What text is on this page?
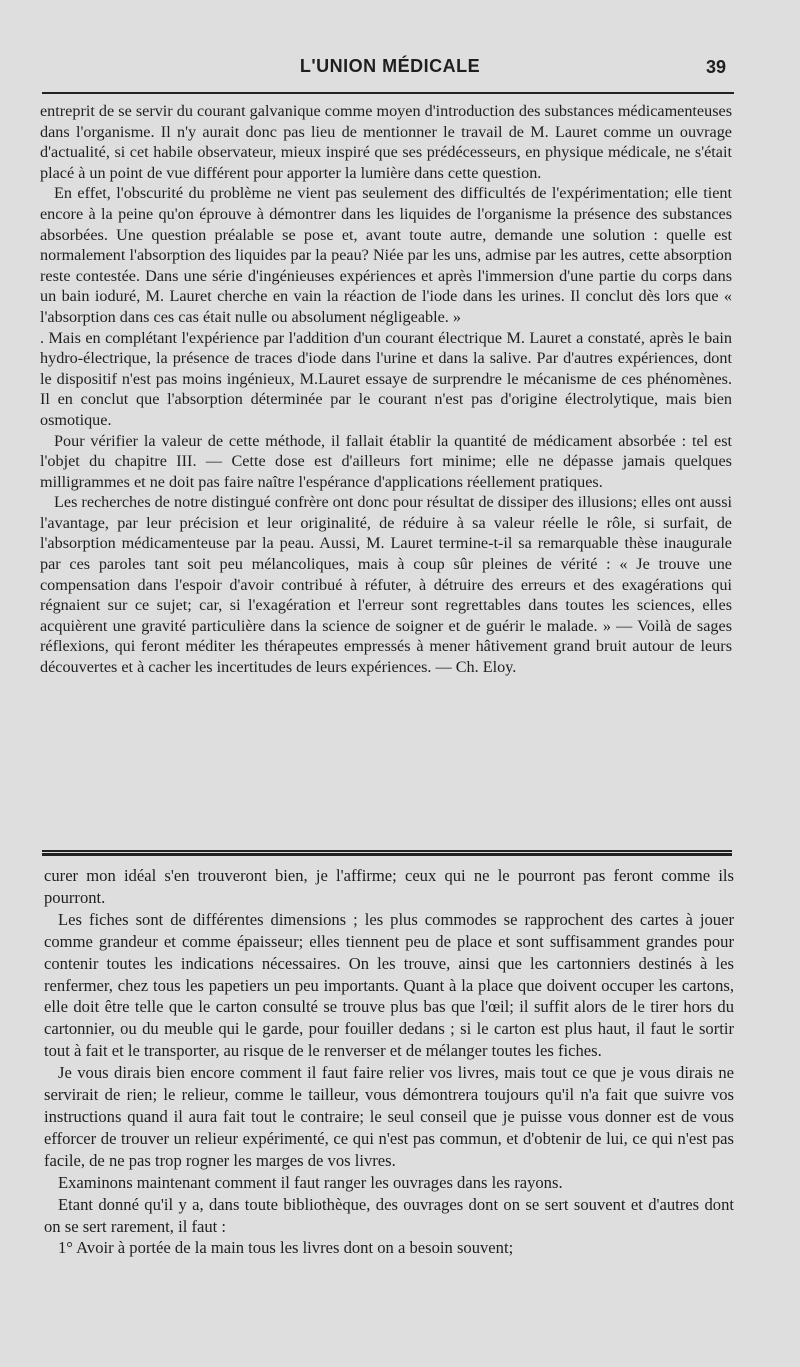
L'UNION MÉDICALE	39

entreprit de se servir du courant galvanique comme moyen d'introduction des substances médicamenteuses dans l'organisme. Il n'y aurait donc pas lieu de mentionner le travail de M. Lauret comme un ouvrage d'actualité, si cet habile observateur, mieux inspiré que ses prédécesseurs, en physique médicale, ne s'était placé à un point de vue différent pour apporter la lumière dans cette question.

En effet, l'obscurité du problème ne vient pas seulement des difficultés de l'expérimentation; elle tient encore à la peine qu'on éprouve à démontrer dans les liquides de l'organisme la présence des substances absorbées. Une question préalable se pose et, avant toute autre, demande une solution : quelle est normalement l'absorption des liquides par la peau? Niée par les uns, admise par les autres, cette absorption reste contestée. Dans une série d'ingénieuses expériences et après l'immersion d'une partie du corps dans un bain ioduré, M. Lauret cherche en vain la réaction de l'iode dans les urines. Il conclut dès lors que « l'absorption dans ces cas était nulle ou absolument négligeable. »

. Mais en complétant l'expérience par l'addition d'un courant électrique M. Lauret a constaté, après le bain hydro-électrique, la présence de traces d'iode dans l'urine et dans la salive. Par d'autres expériences, dont le dispositif n'est pas moins ingénieux, M.Lauret essaye de surprendre le mécanisme de ces phénomènes. Il en conclut que l'absorption déterminée par le courant n'est pas d'origine électrolytique, mais bien osmotique.

Pour vérifier la valeur de cette méthode, il fallait établir la quantité de médicament absorbée : tel est l'objet du chapitre III. — Cette dose est d'ailleurs fort minime; elle ne dépasse jamais quelques milligrammes et ne doit pas faire naître l'espérance d'applications réellement pratiques.

Les recherches de notre distingué confrère ont donc pour résultat de dissiper des illusions; elles ont aussi l'avantage, par leur précision et leur originalité, de réduire à sa valeur réelle le rôle, si surfait, de l'absorption médicamenteuse par la peau. Aussi, M. Lauret termine-t-il sa remarquable thèse inaugurale par ces paroles tant soit peu mélancoliques, mais à coup sûr pleines de vérité : « Je trouve une compensation dans l'espoir d'avoir contribué à réfuter, à détruire des erreurs et des exagérations qui régnaient sur ce sujet; car, si l'exagération et l'erreur sont regrettables dans toutes les sciences, elles acquièrent une gravité particulière dans la science de soigner et de guérir le malade. » — Voilà de sages réflexions, qui feront méditer les thérapeutes empressés à mener hâtivement grand bruit autour de leurs découvertes et à cacher les incertitudes de leurs expériences. — Ch. Eloy.

curer mon idéal s'en trouveront bien, je l'affirme; ceux qui ne le pourront pas feront comme ils pourront.

Les fiches sont de différentes dimensions ; les plus commodes se rapprochent des cartes à jouer comme grandeur et comme épaisseur; elles tiennent peu de place et sont suffisamment grandes pour contenir toutes les indications nécessaires. On les trouve, ainsi que les cartonniers destinés à les renfermer, chez tous les papetiers un peu importants. Quant à la place que doivent occuper les cartons, elle doit être telle que le carton consulté se trouve plus bas que l'œil; il suffit alors de le tirer hors du cartonnier, ou du meuble qui le garde, pour fouiller dedans ; si le carton est plus haut, il faut le sortir tout à fait et le transporter, au risque de le renverser et de mélanger toutes les fiches.

Je vous dirais bien encore comment il faut faire relier vos livres, mais tout ce que je vous dirais ne servirait de rien; le relieur, comme le tailleur, vous démontrera toujours qu'il n'a fait que suivre vos instructions quand il aura fait tout le contraire; le seul conseil que je puisse vous donner est de vous efforcer de trouver un relieur expérimenté, ce qui n'est pas commun, et d'obtenir de lui, ce qui n'est pas facile, de ne pas trop rogner les marges de vos livres.

Examinons maintenant comment il faut ranger les ouvrages dans les rayons.

Etant donné qu'il y a, dans toute bibliothèque, des ouvrages dont on se sert souvent et d'autres dont on se sert rarement, il faut :

1° Avoir à portée de la main tous les livres dont on a besoin souvent;
